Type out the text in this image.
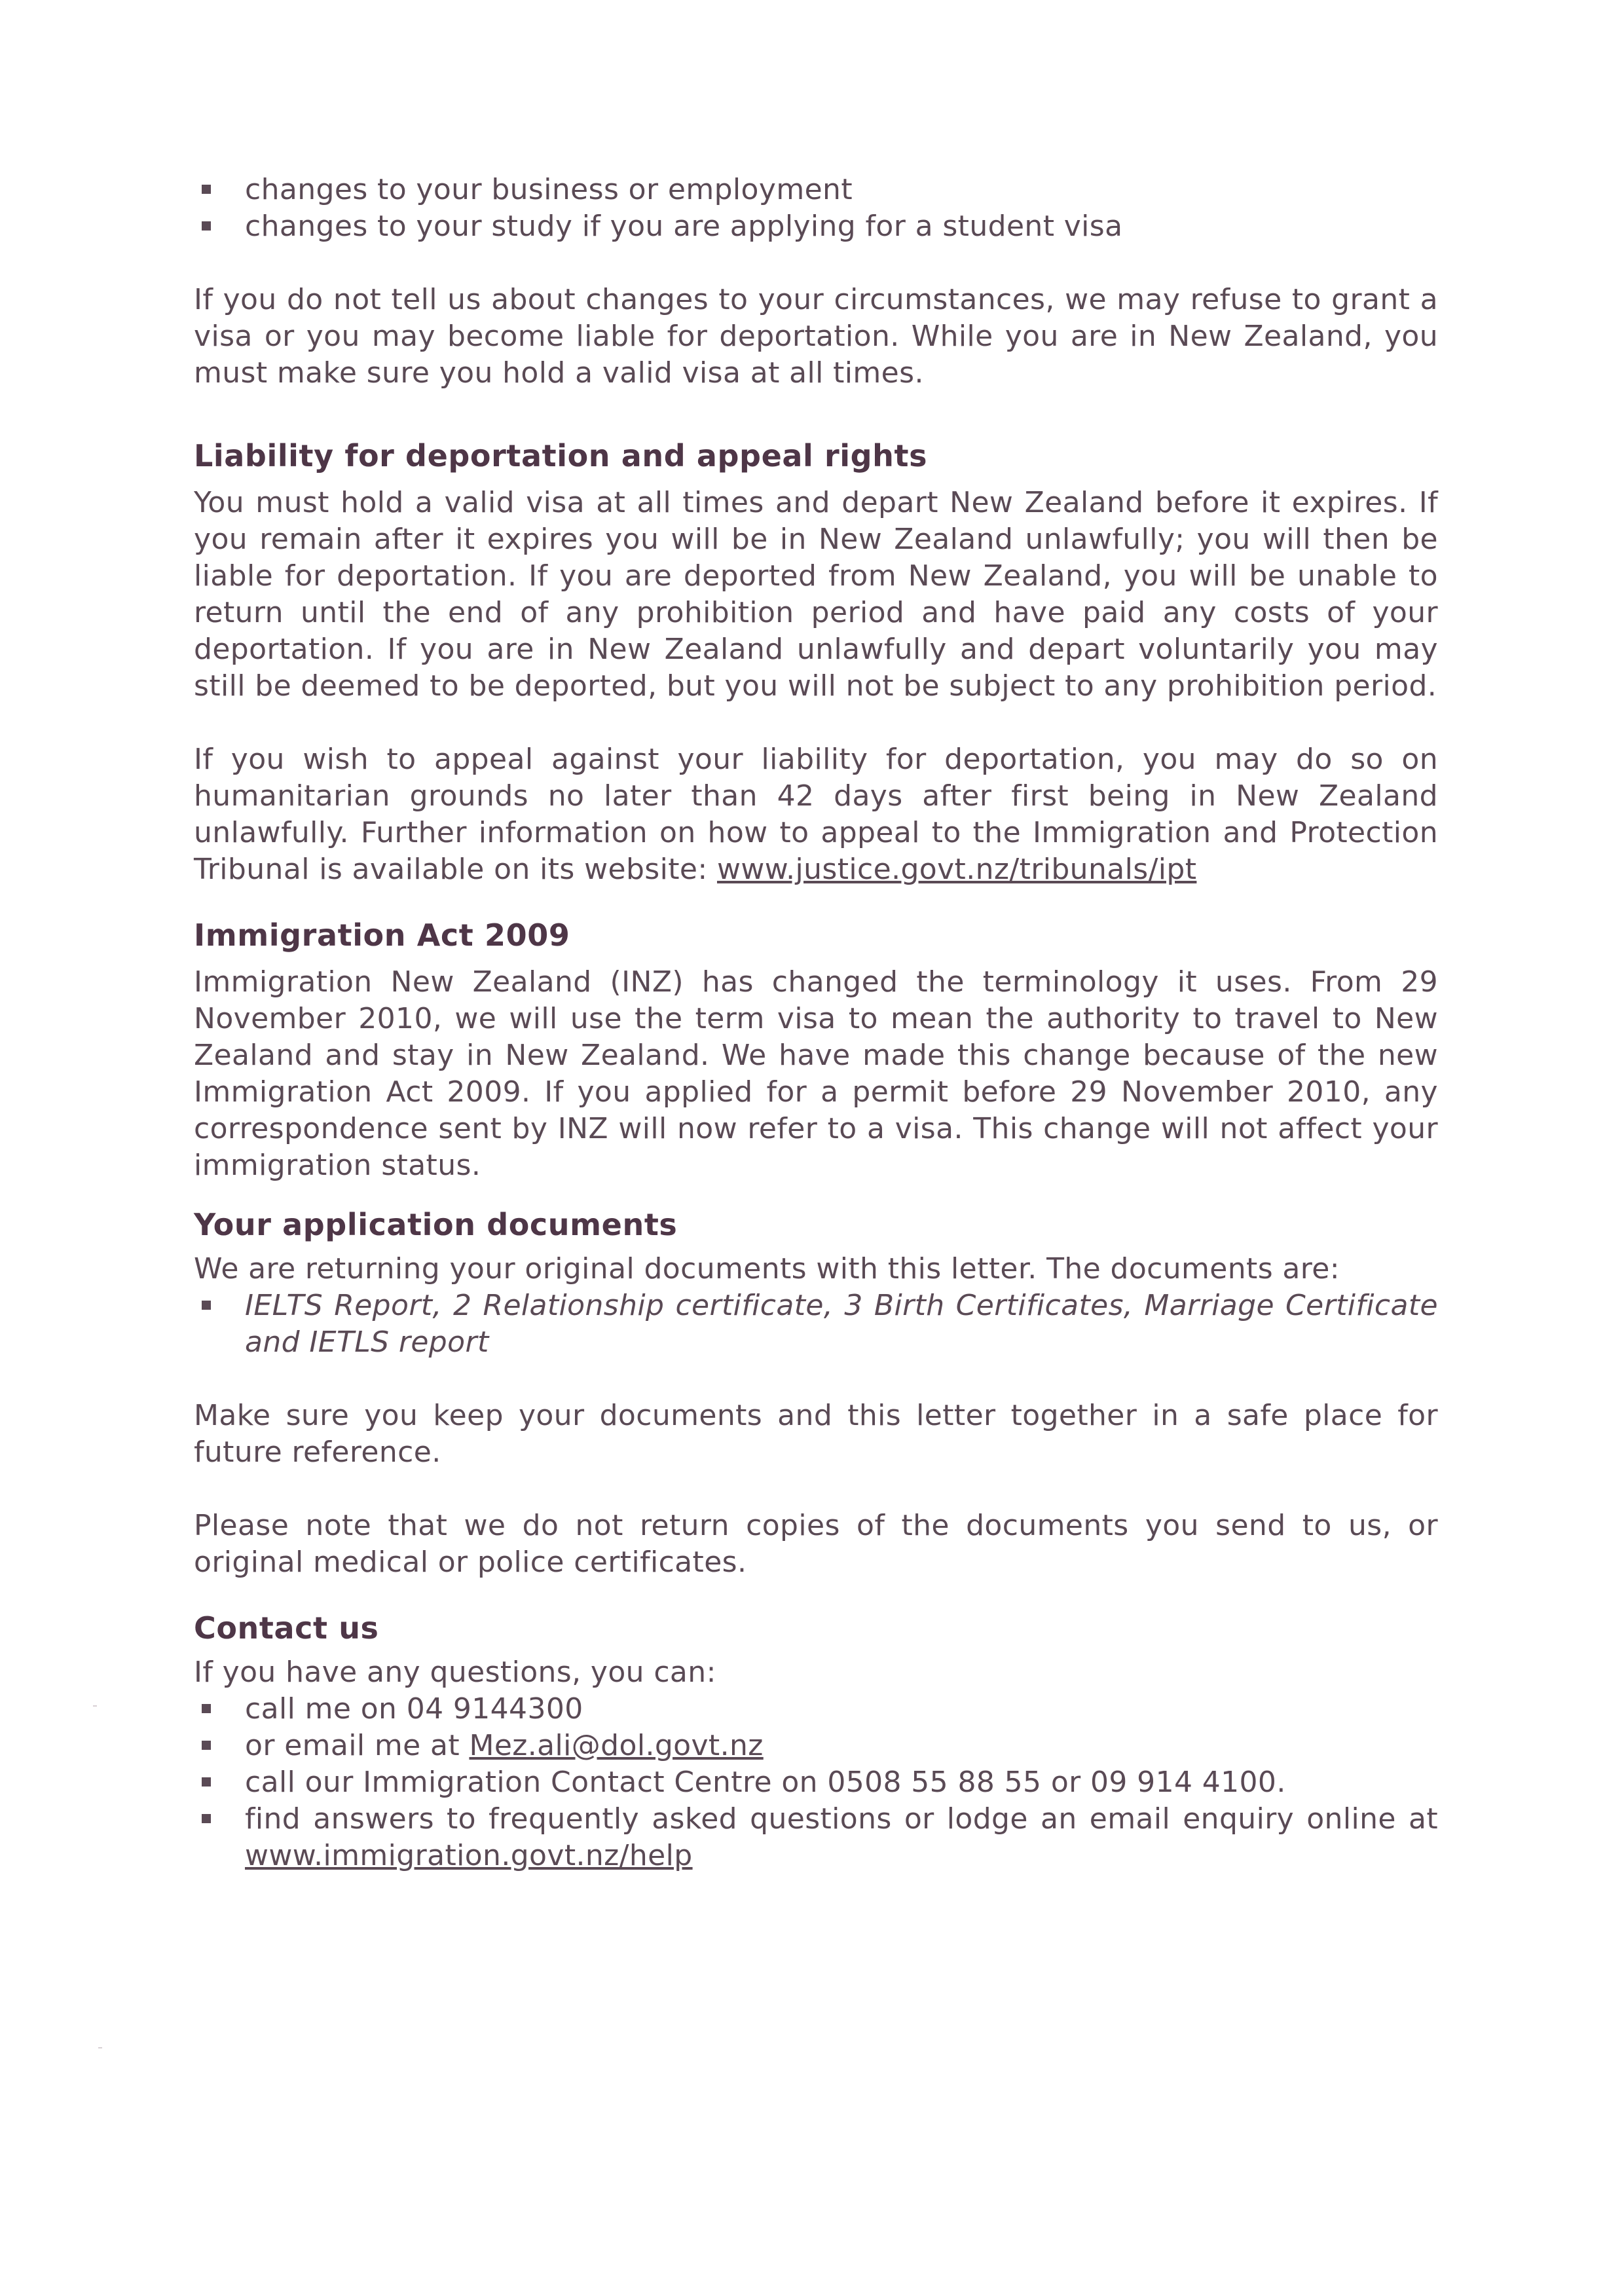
changes to your business or employment
changes to your study if you are applying for a student visa

If you do not tell us about changes to your circumstances, we may refuse to grant a visa or you may become liable for deportation. While you are in New Zealand, you must make sure you hold a valid visa at all times.

Liability for deportation and appeal rights

You must hold a valid visa at all times and depart New Zealand before it expires. If you remain after it expires you will be in New Zealand unlawfully; you will then be liable for deportation. If you are deported from New Zealand, you will be unable to return until the end of any prohibition period and have paid any costs of your deportation. If you are in New Zealand unlawfully and depart voluntarily you may still be deemed to be deported, but you will not be subject to any prohibition period.

If you wish to appeal against your liability for deportation, you may do so on humanitarian grounds no later than 42 days after first being in New Zealand unlawfully. Further information on how to appeal to the Immigration and Protection Tribunal is available on its website: www.justice.govt.nz/tribunals/ipt

Immigration Act 2009

Immigration New Zealand (INZ) has changed the terminology it uses. From 29 November 2010, we will use the term visa to mean the authority to travel to New Zealand and stay in New Zealand. We have made this change because of the new Immigration Act 2009. If you applied for a permit before 29 November 2010, any correspondence sent by INZ will now refer to a visa. This change will not affect your immigration status.

Your application documents

We are returning your original documents with this letter. The documents are:

IELTS Report, 2 Relationship certificate, 3 Birth Certificates, Marriage Certificate and IETLS report

Make sure you keep your documents and this letter together in a safe place for future reference.

Please note that we do not return copies of the documents you send to us, or original medical or police certificates.

Contact us

If you have any questions, you can:

call me on 04 9144300
or email me at Mez.ali@dol.govt.nz
call our Immigration Contact Centre on 0508 55 88 55 or 09 914 4100.
find answers to frequently asked questions or lodge an email enquiry online at www.immigration.govt.nz/help
